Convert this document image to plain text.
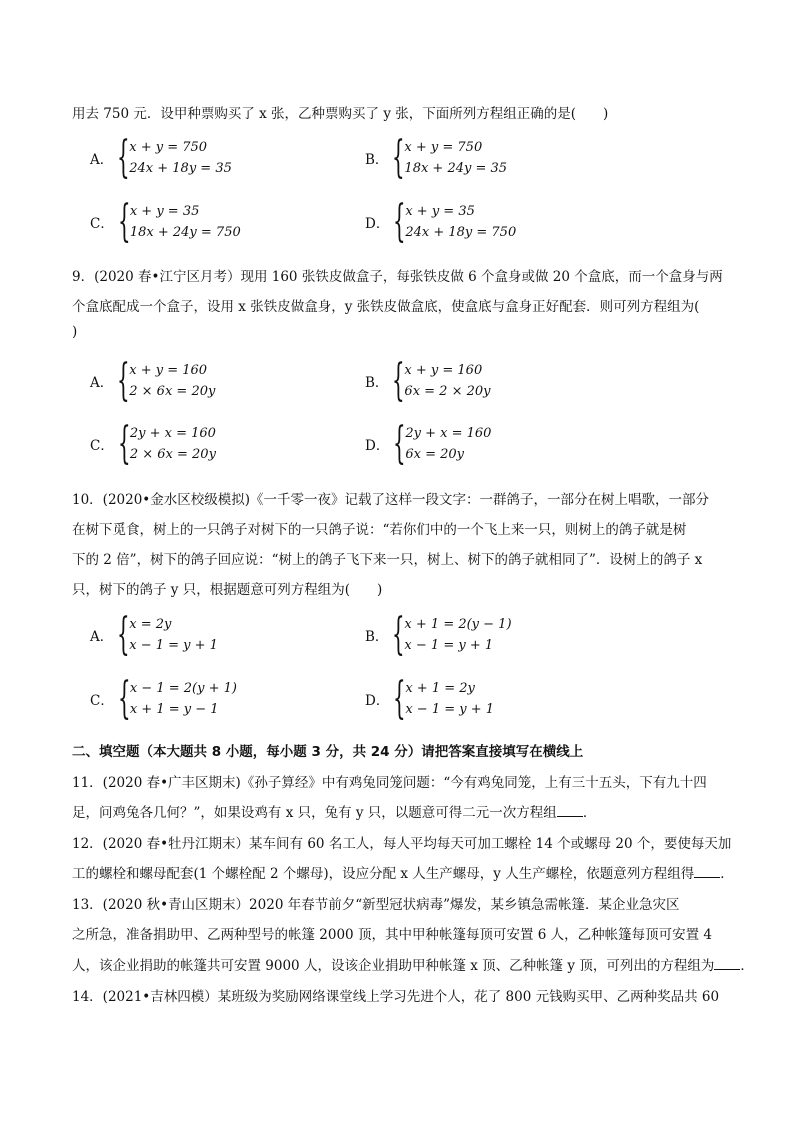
用去 750 元．设甲种票购买了 x 张，乙种票购买了 y 张，下面所列方程组正确的是(　　)
A． { x + y = 750
24x + 18y = 35
B． { x + y = 750
18x + 24y = 35
C． { x + y = 35
18x + 24y = 750
D． { x + y = 35
24x + 18y = 750
9．(2020 春•江宁区月考）现用 160 张铁皮做盒子，每张铁皮做 6 个盒身或做 20 个盒底，而一个盒身与两
个盒底配成一个盒子，设用 x 张铁皮做盒身，y 张铁皮做盒底，使盒底与盒身正好配套．则可列方程组为(
)
A． { x + y = 160
2 × 6x = 20y
B． { x + y = 160
6x = 2 × 20y
C． { 2y + x = 160
2 × 6x = 20y
D． { 2y + x = 160
6x = 20y
10．(2020•金水区校级模拟)《一千零一夜》记载了这样一段文字：一群鸽子，一部分在树上唱歌，一部分
在树下觅食，树上的一只鸽子对树下的一只鸽子说：“若你们中的一个飞上来一只，则树上的鸽子就是树
下的 2 倍”，树下的鸽子回应说：“树上的鸽子飞下来一只，树上、树下的鸽子就相同了”．设树上的鸽子 x
只，树下的鸽子 y 只，根据题意可列方程组为(　　)
A． { x = 2y
x − 1 = y + 1
B． { x + 1 = 2(y − 1)
x − 1 = y + 1
C． { x − 1 = 2(y + 1)
x + 1 = y − 1
D． { x + 1 = 2y
x − 1 = y + 1
二、填空题（本大题共 8 小题，每小题 3 分，共 24 分）请把答案直接填写在横线上
11．(2020 春•广丰区期末)《孙子算经》中有鸡兔同笼问题：“今有鸡兔同笼，上有三十五头，下有九十四
足，问鸡兔各几何？”，如果设鸡有 x 只，兔有 y 只，以题意可得二元一次方程组 ．
12．(2020 春•牡丹江期末）某车间有 60 名工人，每人平均每天可加工螺栓 14 个或螺母 20 个，要使每天加
工的螺栓和螺母配套(1 个螺栓配 2 个螺母)，设应分配 x 人生产螺母，y 人生产螺栓，依题意列方程组得 ．
13．(2020 秋•青山区期末）2020 年春节前夕“新型冠状病毒”爆发，某乡镇急需帐篷．某企业急灾区
之所急，准备捐助甲、乙两种型号的帐篷 2000 顶，其中甲种帐篷每顶可安置 6 人，乙种帐篷每顶可安置 4
人，该企业捐助的帐篷共可安置 9000 人，设该企业捐助甲种帐篷 x 顶、乙种帐篷 y 顶，可列出的方程组为 ．
14．(2021•吉林四模）某班级为奖励网络课堂线上学习先进个人，花了 800 元钱购买甲、乙两种奖品共 60
